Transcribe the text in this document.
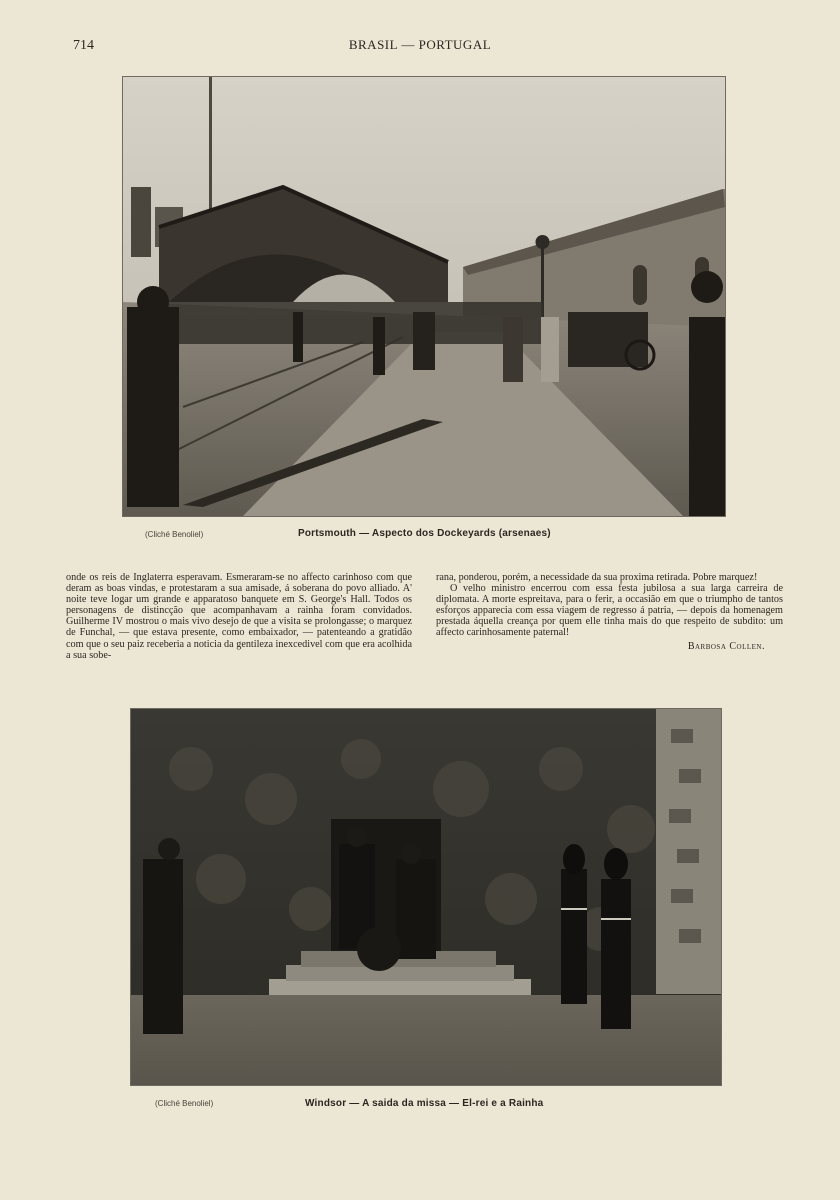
714	BRASIL — PORTUGAL
(Cliché Benoliel)	Portsmouth — Aspecto dos Dockeyards (arsenaes)

onde os reis de Inglaterra esperavam. Esmeraram-se no affecto carinhoso com que deram as boas vindas, e protestaram a sua amisade, á soberana do povo alliado. A' noite teve logar um grande e apparatoso banquete em S. George's Hall. Todos os personagens de distincção que acompanhavam a rainha foram convidados. Guilherme IV mostrou o mais vivo desejo de que a visita se prolongasse; o marquez de Funchal, — que estava presente, como embaixador, — patenteando a gratidão com que o seu paiz receberia a noticia da gentileza inexcedivel com que era acolhida a sua sobe-

rana, ponderou, porém, a necessidade da sua proxima retirada. Pobre marquez!

O velho ministro encerrou com essa festa jubilosa a sua larga carreira de diplomata. A morte espreitava, para o ferir, a occasião em que o triumpho de tantos esforços apparecia com essa viagem de regresso á patria, — depois da homenagem prestada áquella creança por quem elle tinha mais do que respeito de subdito: um affecto carinhosamente paternal!

Barbosa Collen.
(Cliché Benoliel)	Windsor — A saida da missa — El-rei e a Rainha
